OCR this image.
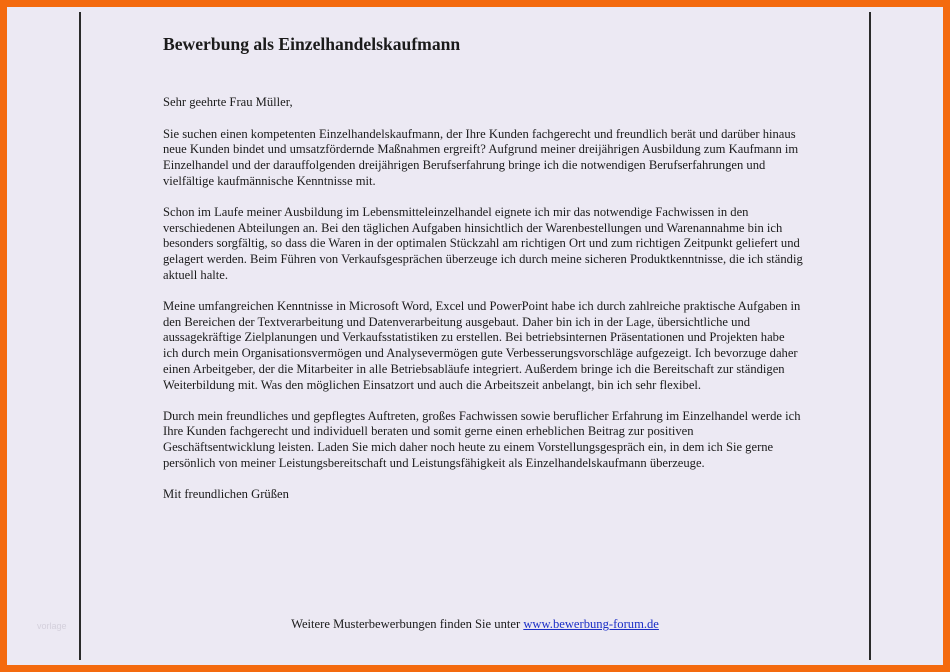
Bewerbung als Einzelhandelskaufmann

Sehr geehrte Frau Müller,

Sie suchen einen kompetenten Einzelhandelskaufmann, der Ihre Kunden fachgerecht und freundlich berät und darüber hinaus neue Kunden bindet und umsatzfördernde Maßnahmen ergreift? Aufgrund meiner dreijährigen Ausbildung zum Kaufmann im Einzelhandel und der darauffolgenden dreijährigen Berufserfahrung bringe ich die notwendigen Berufserfahrungen und vielfältige kaufmännische Kenntnisse mit.

Schon im Laufe meiner Ausbildung im Lebensmitteleinzelhandel eignete ich mir das notwendige Fachwissen in den verschiedenen Abteilungen an. Bei den täglichen Aufgaben hinsichtlich der Warenbestellungen und Warenannahme bin ich besonders sorgfältig, so dass die Waren in der optimalen Stückzahl am richtigen Ort und zum richtigen Zeitpunkt geliefert und gelagert werden. Beim Führen von Verkaufsgesprächen überzeuge ich durch meine sicheren Produktkenntnisse, die ich ständig aktuell halte.

Meine umfangreichen Kenntnisse in Microsoft Word, Excel und PowerPoint habe ich durch zahlreiche praktische Aufgaben in den Bereichen der Textverarbeitung und Datenverarbeitung ausgebaut. Daher bin ich in der Lage, übersichtliche und aussagekräftige Zielplanungen und Verkaufsstatistiken zu erstellen. Bei betriebsinternen Präsentationen und Projekten habe ich durch mein Organisationsvermögen und Analysevermögen gute Verbesserungsvorschläge aufgezeigt. Ich bevorzuge daher einen Arbeitgeber, der die Mitarbeiter in alle Betriebsabläufe integriert. Außerdem bringe ich die Bereitschaft zur ständigen Weiterbildung mit. Was den möglichen Einsatzort und auch die Arbeitszeit anbelangt, bin ich sehr flexibel.

Durch mein freundliches und gepflegtes Auftreten, großes Fachwissen sowie beruflicher Erfahrung im Einzelhandel werde ich Ihre Kunden fachgerecht und individuell beraten und somit gerne einen erheblichen Beitrag zur positiven Geschäftsentwicklung leisten. Laden Sie mich daher noch heute zu einem Vorstellungsgespräch ein, in dem ich Sie gerne persönlich von meiner Leistungsbereitschaft und Leistungsfähigkeit als Einzelhandelskaufmann überzeuge.

Mit freundlichen Grüßen

vorlage	Weitere Musterbewerbungen finden Sie unter www.bewerbung-forum.de
